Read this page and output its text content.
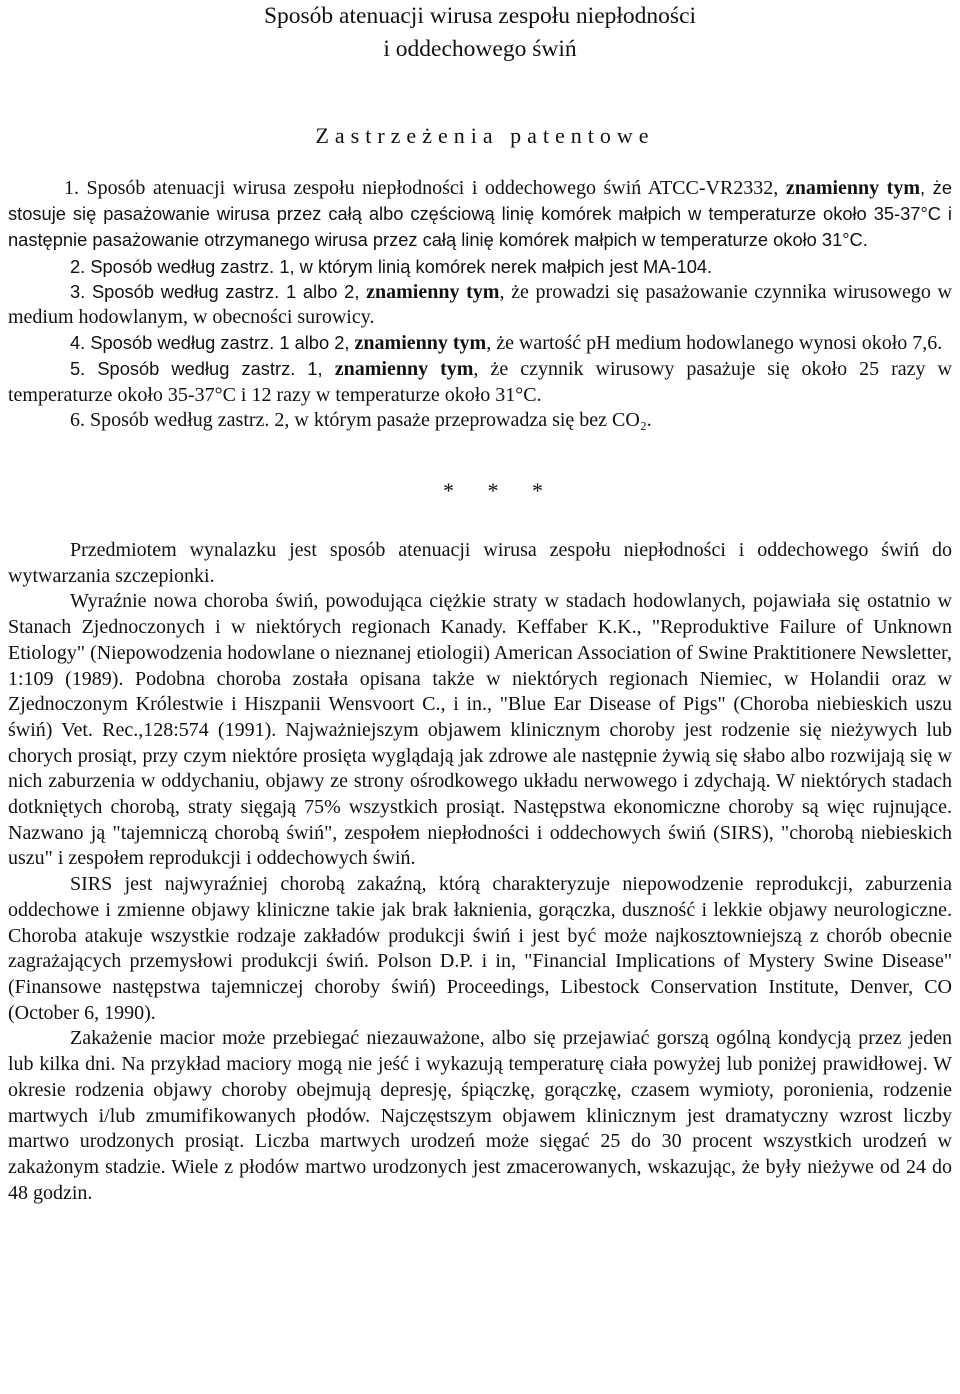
Sposób atenuacji wirusa zespołu niepłodności
i oddechowego świń
Zastrzeżenia patentowe

1. Sposób atenuacji wirusa zespołu niepłodności i oddechowego świń ATCC-VR2332, znamienny tym, że stosuje się pasażowanie wirusa przez całą albo częściową linię komórek małpich w temperaturze około 35-37°C i następnie pasażowanie otrzymanego wirusa przez całą linię komórek małpich w temperaturze około 31°C.

2. Sposób według zastrz. 1, w którym linią komórek nerek małpich jest MA-104.

3. Sposób według zastrz. 1 albo 2, znamienny tym, że prowadzi się pasażowanie czynnika wirusowego w medium hodowlanym, w obecności surowicy.

4. Sposób według zastrz. 1 albo 2, znamienny tym, że wartość pH medium hodowlanego wynosi około 7,6.

5. Sposób według zastrz. 1, znamienny tym, że czynnik wirusowy pasażuje się około 25 razy w temperaturze około 35-37°C i 12 razy w temperaturze około 31°C.

6. Sposób według zastrz. 2, w którym pasaże przeprowadza się bez CO₂.

* * *

Przedmiotem wynalazku jest sposób atenuacji wirusa zespołu niepłodności i oddechowego świń do wytwarzania szczepionki.

Wyraźnie nowa choroba świń, powodująca ciężkie straty w stadach hodowlanych, pojawiała się ostatnio w Stanach Zjednoczonych i w niektórych regionach Kanady. Keffaber K.K., "Reproduktive Failure of Unknown Etiology" (Niepowodzenia hodowlane o nieznanej etiologii) American Association of Swine Praktitionere Newsletter, 1:109 (1989). Podobna choroba została opisana także w niektórych regionach Niemiec, w Holandii oraz w Zjednoczonym Królestwie i Hiszpanii Wensvoort C., i in., "Blue Ear Disease of Pigs" (Choroba niebieskich uszu świń) Vet. Rec.,128:574 (1991). Najważniejszym objawem klinicznym choroby jest rodzenie się nieżywych lub chorych prosiąt, przy czym niektóre prosięta wyglądają jak zdrowe ale następnie żywią się słabo albo rozwijają się w nich zaburzenia w oddychaniu, objawy ze strony ośrodkowego układu nerwowego i zdychają. W niektórych stadach dotkniętych chorobą, straty sięgają 75% wszystkich prosiąt. Następstwa ekonomiczne choroby są więc rujnujące. Nazwano ją "tajemniczą chorobą świń", zespołem niepłodności i oddechowych świń (SIRS), "chorobą niebieskich uszu" i zespołem reprodukcji i oddechowych świń.

SIRS jest najwyraźniej chorobą zakaźną, którą charakteryzuje niepowodzenie reprodukcji, zaburzenia oddechowe i zmienne objawy kliniczne takie jak brak łaknienia, gorączka, duszność i lekkie objawy neurologiczne. Choroba atakuje wszystkie rodzaje zakładów produkcji świń i jest być może najkosztowniejszą z chorób obecnie zagrażających przemysłowi produkcji świń. Polson D.P. i in, "Financial Implications of Mystery Swine Disease" (Finansowe następstwa tajemniczej choroby świń) Proceedings, Libestock Conservation Institute, Denver, CO (October 6, 1990).

Zakażenie macior może przebiegać niezauważone, albo się przejawiać gorszą ogólną kondycją przez jeden lub kilka dni. Na przykład maciory mogą nie jeść i wykazują temperaturę ciała powyżej lub poniżej prawidłowej. W okresie rodzenia objawy choroby obejmują depresję, śpiączkę, gorączkę, czasem wymioty, poronienia, rodzenie martwych i/lub zmumifikowanych płodów. Najczęstszym objawem klinicznym jest dramatyczny wzrost liczby martwo urodzonych prosiąt. Liczba martwych urodzeń może sięgać 25 do 30 procent wszystkich urodzeń w zakażonym stadzie. Wiele z płodów martwo urodzonych jest zmacerowanych, wskazując, że były nieżywe od 24 do 48 godzin.
